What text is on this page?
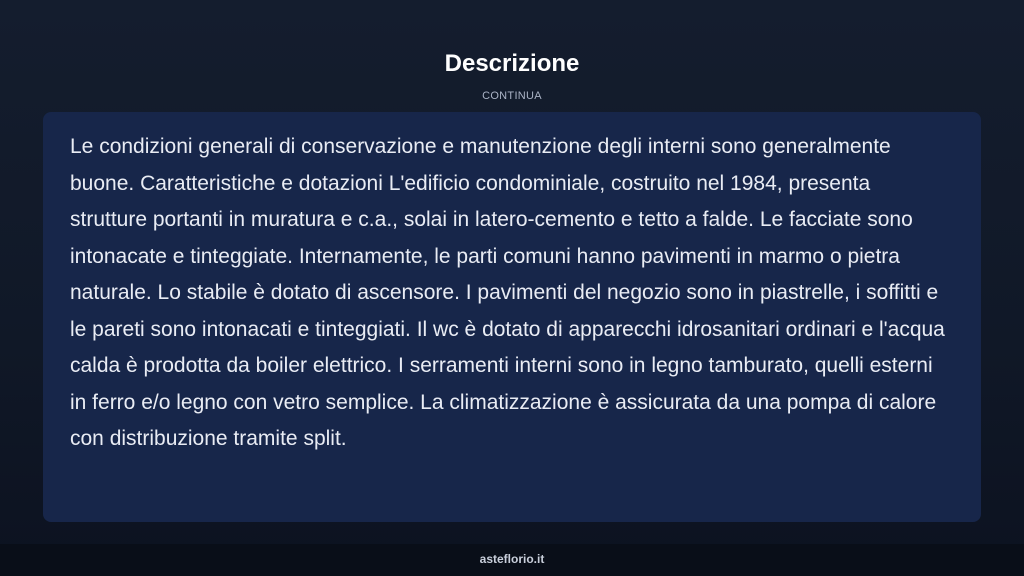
Descrizione
CONTINUA

Le condizioni generali di conservazione e manutenzione degli interni sono generalmente buone. Caratteristiche e dotazioni L'edificio condominiale, costruito nel 1984, presenta strutture portanti in muratura e c.a., solai in latero-cemento e tetto a falde. Le facciate sono intonacate e tinteggiate. Internamente, le parti comuni hanno pavimenti in marmo o pietra naturale. Lo stabile è dotato di ascensore. I pavimenti del negozio sono in piastrelle, i soffitti e le pareti sono intonacati e tinteggiati. Il wc è dotato di apparecchi idrosanitari ordinari e l'acqua calda è prodotta da boiler elettrico. I serramenti interni sono in legno tamburato, quelli esterni in ferro e/o legno con vetro semplice. La climatizzazione è assicurata da una pompa di calore con distribuzione tramite split.

asteflorio.it
